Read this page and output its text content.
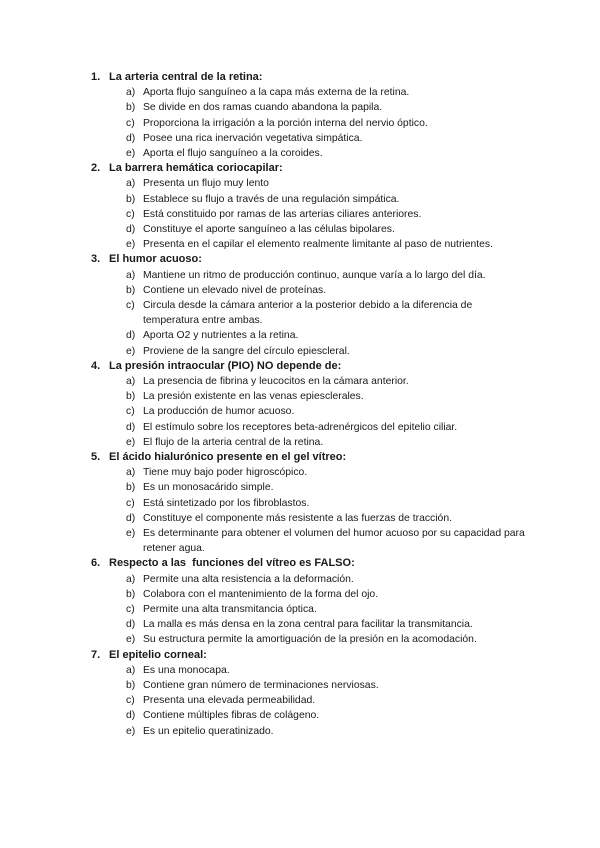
1. La arteria central de la retina:
a) Aporta flujo sanguíneo a la capa más externa de la retina.
b) Se divide en dos ramas cuando abandona la papila.
c) Proporciona la irrigación a la porción interna del nervio óptico.
d) Posee una rica inervación vegetativa simpática.
e) Aporta el flujo sanguíneo a la coroides.
2. La barrera hemática coriocapilar:
a) Presenta un flujo muy lento
b) Establece su flujo a través de una regulación simpática.
c) Está constituido por ramas de las arterias ciliares anteriores.
d) Constituye el aporte sanguíneo a las células bipolares.
e) Presenta en el capilar el elemento realmente limitante al paso de nutrientes.
3. El humor acuoso:
a) Mantiene un ritmo de producción continuo, aunque varía a lo largo del día.
b) Contiene un elevado nivel de proteínas.
c) Circula desde la cámara anterior a la posterior debido a la diferencia de temperatura entre ambas.
d) Aporta O2 y nutrientes a la retina.
e) Proviene de la sangre del círculo epiescleral.
4. La presión intraocular (PIO) NO depende de:
a) La presencia de fibrina y leucocitos en la cámara anterior.
b) La presión existente en las venas epiesclerales.
c) La producción de humor acuoso.
d) El estímulo sobre los receptores beta-adrenérgicos del epitelio ciliar.
e) El flujo de la arteria central de la retina.
5. El ácido hialurónico presente en el gel vítreo:
a) Tiene muy bajo poder higroscópico.
b) Es un monosacárido simple.
c) Está sintetizado por los fibroblastos.
d) Constituye el componente más resistente a las fuerzas de tracción.
e) Es determinante para obtener el volumen del humor acuoso por su capacidad para retener agua.
6. Respecto a las  funciones del vítreo es FALSO:
a) Permite una alta resistencia a la deformación.
b) Colabora con el mantenimiento de la forma del ojo.
c) Permite una alta transmitancia óptica.
d) La malla es más densa en la zona central para facilitar la transmitancia.
e) Su estructura permite la amortiguación de la presión en la acomodación.
7. El epitelio corneal:
a) Es una monocapa.
b) Contiene gran número de terminaciones nerviosas.
c) Presenta una elevada permeabilidad.
d) Contiene múltiples fibras de colágeno.
e) Es un epitelio queratinizado.
